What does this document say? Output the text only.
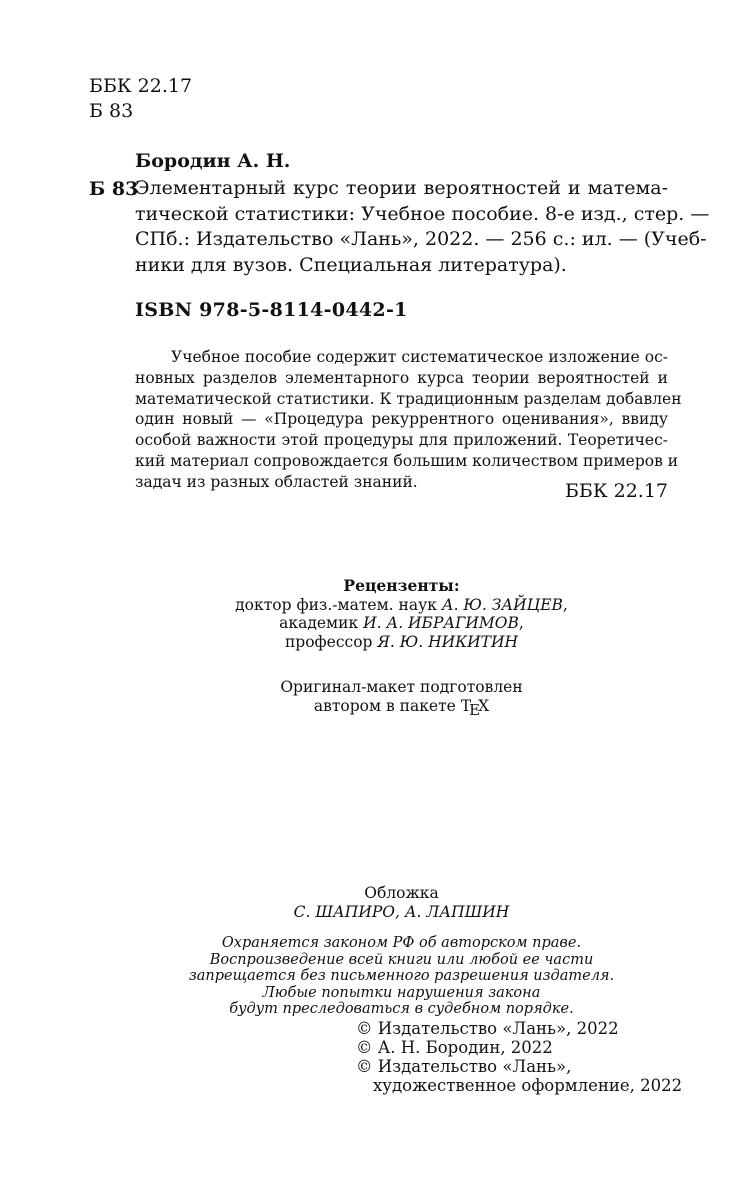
ББК 22.17
Б 83
Бородин А. Н.
Б 83
Элементарный курс теории вероятностей и матема-
тической статистики: Учебное пособие. 8-е изд., стер. —
СПб.: Издательство «Лань», 2022. — 256 с.: ил. — (Учеб-
ники для вузов. Специальная литература).
ISBN 978-5-8114-0442-1
Учебное пособие содержит систематическое изложение ос-
новных разделов элементарного курса теории вероятностей и
математической статистики. К традиционным разделам добавлен
один новый — «Процедура рекуррентного оценивания», ввиду
особой важности этой процедуры для приложений. Теоретичес-
кий материал сопровождается большим количеством примеров и
задач из разных областей знаний.	ББК 22.17
Рецензенты:
доктор физ.-матем. наук А. Ю. ЗАЙЦЕВ,
академик И. А. ИБРАГИМОВ,
профессор Я. Ю. НИКИТИН
Оригинал-макет подготовлен
автором в пакете TEX
Обложка
С. ШАПИРО, А. ЛАПШИН
Охраняется законом РФ об авторском праве.
Воспроизведение всей книги или любой ее части
запрещается без письменного разрешения издателя.
Любые попытки нарушения закона
будут преследоваться в судебном порядке.
© Издательство «Лань», 2022
© А. Н. Бородин, 2022
© Издательство «Лань»,
художественное оформление, 2022
